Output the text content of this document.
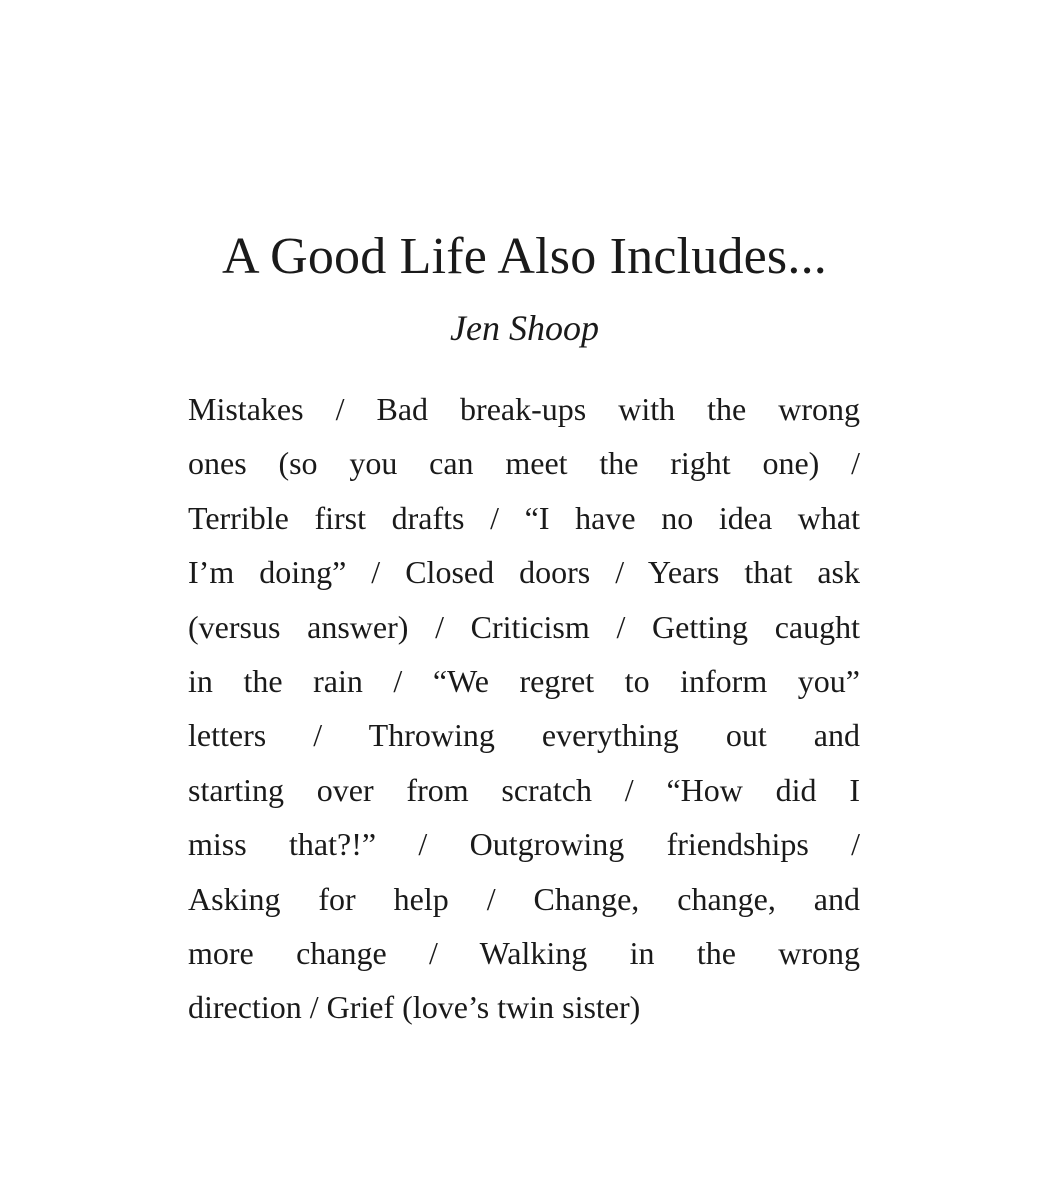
A Good Life Also Includes...

Jen Shoop

Mistakes / Bad break-ups with the wrong
ones (so you can meet the right one) /
Terrible first drafts / “I have no idea what
I’m doing” / Closed doors / Years that ask
(versus answer) / Criticism / Getting caught
in the rain / “We regret to inform you”
letters / Throwing everything out and
starting over from scratch / “How did I
miss that?!” / Outgrowing friendships /
Asking for help / Change, change, and
more change / Walking in the wrong
direction / Grief (love’s twin sister)
